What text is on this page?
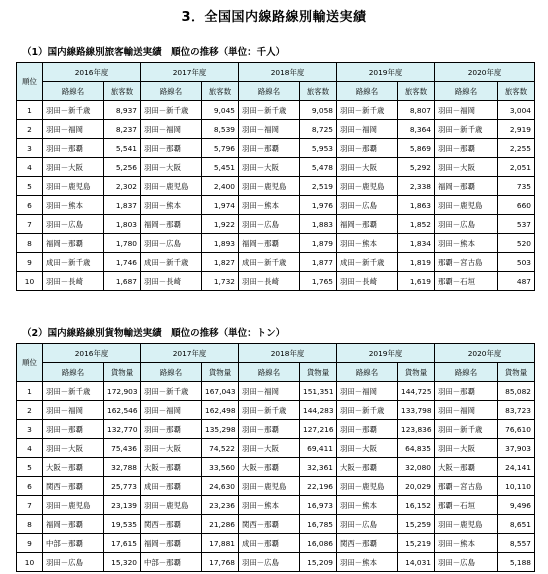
3．全国国内線路線別輸送実績
（1）国内線路線別旅客輸送実績　順位の推移（単位：千人）
順位	2016年度		2017年度		2018年度		2019年度		2020年度	
	路線名	旅客数	路線名	旅客数	路線名	旅客数	路線名	旅客数	路線名	旅客数
1	羽田－新千歳	8,937	羽田－新千歳	9,045	羽田－新千歳	9,058	羽田－新千歳	8,807	羽田－福岡	3,004
2	羽田－福岡	8,237	羽田－福岡	8,539	羽田－福岡	8,725	羽田－福岡	8,364	羽田－新千歳	2,919
3	羽田－那覇	5,541	羽田－那覇	5,796	羽田－那覇	5,953	羽田－那覇	5,869	羽田－那覇	2,255
4	羽田－大阪	5,256	羽田－大阪	5,451	羽田－大阪	5,478	羽田－大阪	5,292	羽田－大阪	2,051
5	羽田－鹿児島	2,302	羽田－鹿児島	2,400	羽田－鹿児島	2,519	羽田－鹿児島	2,338	福岡－那覇	735
6	羽田－熊本	1,837	羽田－熊本	1,974	羽田－熊本	1,976	羽田－広島	1,863	羽田－鹿児島	660
7	羽田－広島	1,803	福岡－那覇	1,922	羽田－広島	1,883	福岡－那覇	1,852	羽田－広島	537
8	福岡－那覇	1,780	羽田－広島	1,893	福岡－那覇	1,879	羽田－熊本	1,834	羽田－熊本	520
9	成田－新千歳	1,746	成田－新千歳	1,827	成田－新千歳	1,877	成田－新千歳	1,819	那覇－宮古島	503
10	羽田－長崎	1,687	羽田－長崎	1,732	羽田－長崎	1,765	羽田－長崎	1,619	那覇－石垣	487
（2）国内線路線別貨物輸送実績　順位の推移（単位：トン）
順位	2016年度		2017年度		2018年度		2019年度		2020年度	
	路線名	貨物量	路線名	貨物量	路線名	貨物量	路線名	貨物量	路線名	貨物量
1	羽田－新千歳	172,903	羽田－新千歳	167,043	羽田－福岡	151,351	羽田－福岡	144,725	羽田－那覇	85,082
2	羽田－福岡	162,546	羽田－福岡	162,498	羽田－新千歳	144,283	羽田－新千歳	133,798	羽田－福岡	83,723
3	羽田－那覇	132,770	羽田－那覇	135,298	羽田－那覇	127,216	羽田－那覇	123,836	羽田－新千歳	76,610
4	羽田－大阪	75,436	羽田－大阪	74,522	羽田－大阪	69,411	羽田－大阪	64,835	羽田－大阪	37,903
5	大阪－那覇	32,788	大阪－那覇	33,560	大阪－那覇	32,361	大阪－那覇	32,080	大阪－那覇	24,141
6	関西－那覇	25,773	成田－那覇	24,630	羽田－鹿児島	22,196	羽田－鹿児島	20,029	那覇－宮古島	10,110
7	羽田－鹿児島	23,139	羽田－鹿児島	23,236	羽田－熊本	16,973	羽田－熊本	16,152	那覇－石垣	9,496
8	福岡－那覇	19,535	関西－那覇	21,286	関西－那覇	16,785	羽田－広島	15,259	羽田－鹿児島	8,651
9	中部－那覇	17,615	福岡－那覇	17,881	成田－那覇	16,086	関西－那覇	15,219	羽田－熊本	8,557
10	羽田－広島	15,320	中部－那覇	17,768	羽田－広島	15,209	羽田－熊本	14,031	羽田－広島	5,188
